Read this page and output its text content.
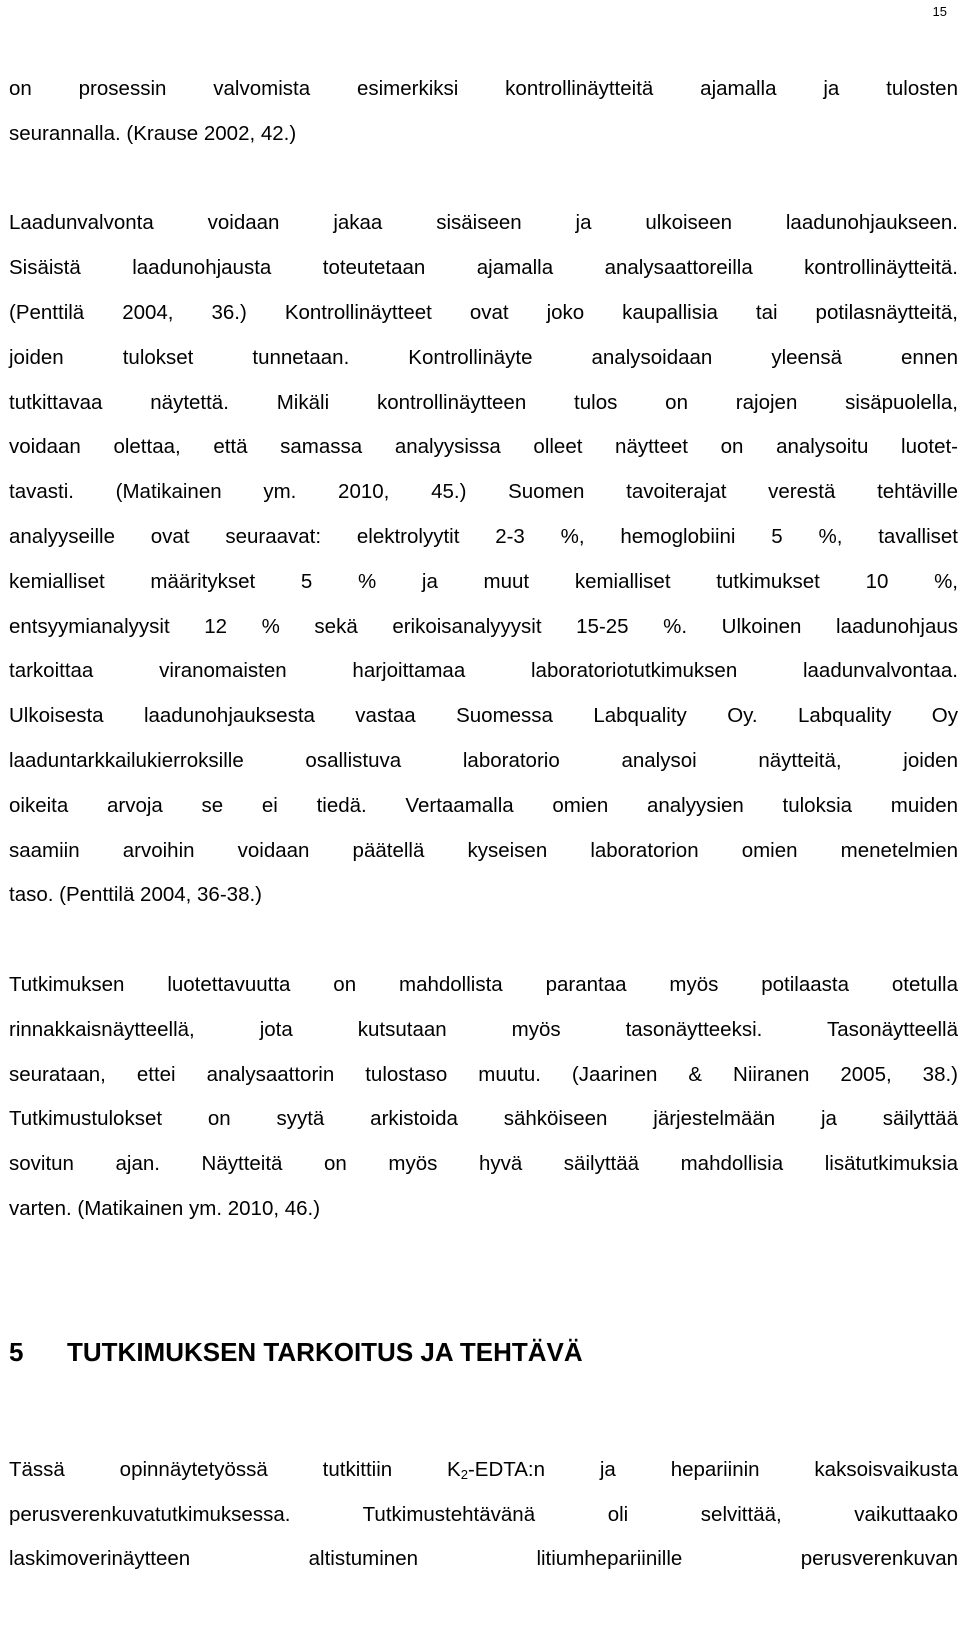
15
on prosessin valvomista esimerkiksi kontrollinäytteitä ajamalla ja tulosten
seurannalla. (Krause 2002, 42.)
Laadunvalvonta voidaan jakaa sisäiseen ja ulkoiseen laadunohjaukseen.
Sisäistä laadunohjausta toteutetaan ajamalla analysaattoreilla kontrollinäytteitä.
(Penttilä 2004, 36.) Kontrollinäytteet ovat joko kaupallisia tai potilasnäytteitä,
joiden tulokset tunnetaan. Kontrollinäyte analysoidaan yleensä ennen
tutkittavaa näytettä. Mikäli kontrollinäytteen tulos on rajojen sisäpuolella,
voidaan olettaa, että samassa analyysissa olleet näytteet on analysoitu luotet-
tavasti. (Matikainen ym. 2010, 45.) Suomen tavoiterajat verestä tehtäville
analyyseille ovat seuraavat: elektrolyytit 2-3 %, hemoglobiini 5 %, tavalliset
kemialliset määritykset 5 % ja muut kemialliset tutkimukset 10 %,
entsyymianalyysit 12 % sekä erikoisanalyyysit 15-25 %. Ulkoinen laadunohjaus
tarkoittaa viranomaisten harjoittamaa laboratoriotutkimuksen laadunvalvontaa.
Ulkoisesta laadunohjauksesta vastaa Suomessa Labquality Oy. Labquality Oy
laaduntarkkailukierroksille osallistuva laboratorio analysoi näytteitä, joiden
oikeita arvoja se ei tiedä. Vertaamalla omien analyysien tuloksia muiden
saamiin arvoihin voidaan päätellä kyseisen laboratorion omien menetelmien
taso. (Penttilä 2004, 36-38.)
Tutkimuksen luotettavuutta on mahdollista parantaa myös potilaasta otetulla
rinnakkaisnäytteellä, jota kutsutaan myös tasonäytteeksi. Tasonäytteellä
seurataan, ettei analysaattorin tulostaso muutu. (Jaarinen & Niiranen 2005, 38.)
Tutkimustulokset on syytä arkistoida sähköiseen järjestelmään ja säilyttää
sovitun ajan. Näytteitä on myös hyvä säilyttää mahdollisia lisätutkimuksia
varten. (Matikainen ym. 2010, 46.)
5 TUTKIMUKSEN TARKOITUS JA TEHTÄVÄ
Tässä opinnäytetyössä tutkittiin $K_2-EDTA:n$ ja hepariinin kaksoisvaikusta
perusverenkuvatutkimuksessa. Tutkimustehtävänä oli selvittää, vaikuttaako
laskimoverinäytteen altistuminen litiumhepariinille perusverenkuvan
